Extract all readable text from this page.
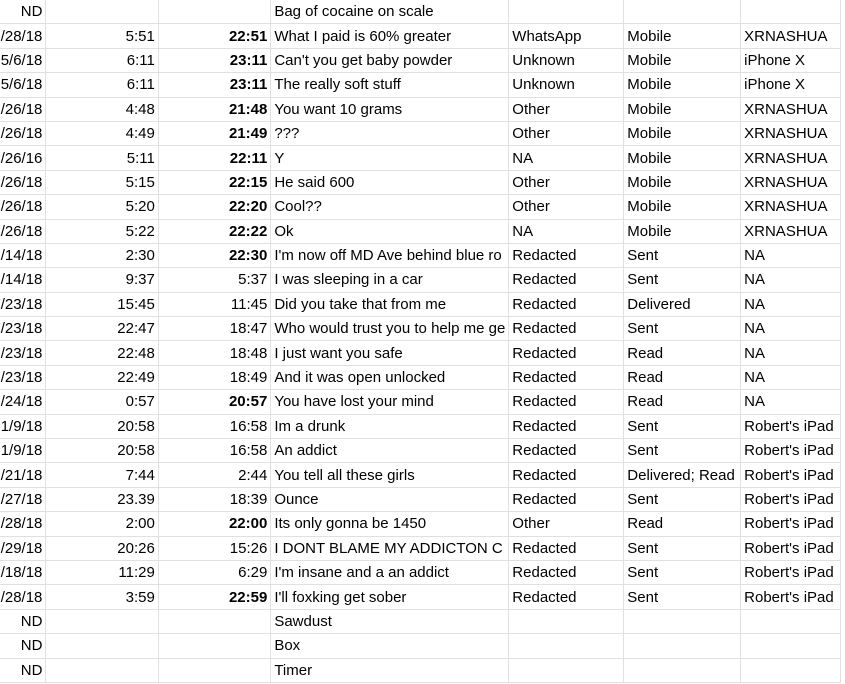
ND			Bag of cocaine on scale			
/28/18	5:51	22:51	What I paid is 60% greater	WhatsApp	Mobile	XRNASHUA
5/6/18	6:11	23:11	Can't you get baby powder	Unknown	Mobile	iPhone X
5/6/18	6:11	23:11	The really soft stuff	Unknown	Mobile	iPhone X
/26/18	4:48	21:48	You want 10 grams	Other	Mobile	XRNASHUA
/26/18	4:49	21:49	???	Other	Mobile	XRNASHUA
/26/16	5:11	22:11	Y	NA	Mobile	XRNASHUA
/26/18	5:15	22:15	He said 600	Other	Mobile	XRNASHUA
/26/18	5:20	22:20	Cool??	Other	Mobile	XRNASHUA
/26/18	5:22	22:22	Ok	NA	Mobile	XRNASHUA
/14/18	2:30	22:30	I'm now off MD Ave behind blue ro	Redacted	Sent	NA
/14/18	9:37	5:37	I was sleeping in a car	Redacted	Sent	NA
/23/18	15:45	11:45	Did you take that from me	Redacted	Delivered	NA
/23/18	22:47	18:47	Who would trust you to help me ge	Redacted	Sent	NA
/23/18	22:48	18:48	I just want you safe	Redacted	Read	NA
/23/18	22:49	18:49	And it was open unlocked	Redacted	Read	NA
/24/18	0:57	20:57	You have lost your mind	Redacted	Read	NA
1/9/18	20:58	16:58	Im a drunk	Redacted	Sent	Robert's iPad
1/9/18	20:58	16:58	An addict	Redacted	Sent	Robert's iPad
/21/18	7:44	2:44	You tell all these girls	Redacted	Delivered; Read	Robert's iPad
/27/18	23.39	18:39	Ounce	Redacted	Sent	Robert's iPad
/28/18	2:00	22:00	Its only gonna be 1450	Other	Read	Robert's iPad
/29/18	20:26	15:26	I DONT BLAME MY ADDICTON C	Redacted	Sent	Robert's iPad
/18/18	11:29	6:29	I'm insane and a an addict	Redacted	Sent	Robert's iPad
/28/18	3:59	22:59	I'll foxking get sober	Redacted	Sent	Robert's iPad
ND			Sawdust			
ND			Box			
ND			Timer			
